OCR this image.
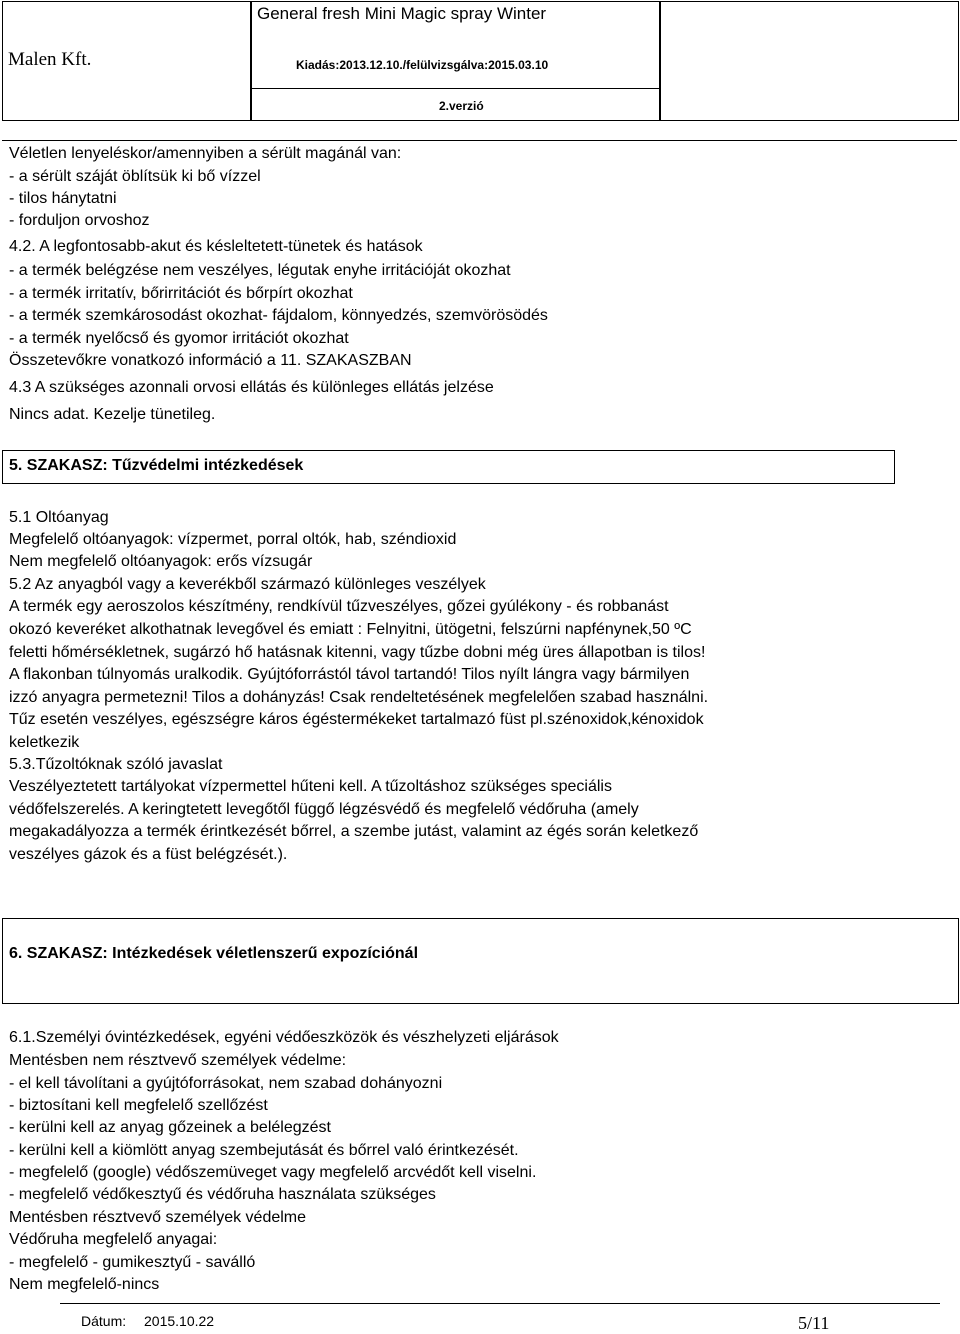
Malen Kft.
General fresh Mini Magic spray Winter
Kiadás:2013.12.10./felülvizsgálva:2015.03.10
2.verzió
Véletlen lenyeléskor/amennyiben a sérült magánál van:
- a sérült száját öblítsük ki bő vízzel
- tilos hánytatni
- forduljon orvoshoz
4.2. A legfontosabb-akut és késleltetett-tünetek és hatások
- a termék belégzése nem veszélyes, légutak enyhe irritációját okozhat
- a termék irritatív, bőrirritációt és bőrpírt okozhat
- a termék szemkárosodást okozhat- fájdalom, könnyedzés, szemvörösödés
- a termék nyelőcső és gyomor irritációt okozhat
Összetevőkre vonatkozó információ a 11. SZAKASZBAN
4.3 A szükséges azonnali orvosi ellátás és különleges ellátás jelzése
Nincs adat. Kezelje tünetileg.
5. SZAKASZ: Tűzvédelmi intézkedések
5.1 Oltóanyag
Megfelelő oltóanyagok: vízpermet, porral oltók, hab, széndioxid
Nem megfelelő oltóanyagok: erős vízsugár
5.2 Az anyagból vagy a keverékből származó különleges veszélyek
A termék egy aeroszolos készítmény, rendkívül tűzveszélyes, gőzei gyúlékony - és robbanást
okozó keveréket alkothatnak levegővel és emiatt : Felnyitni, ütögetni, felszúrni napfénynek,50 ºC
feletti hőmérsékletnek, sugárzó hő hatásnak kitenni, vagy tűzbe dobni még üres állapotban is tilos!
A flakonban túlnyomás uralkodik. Gyújtóforrástól távol tartandó! Tilos nyílt lángra vagy bármilyen
izzó anyagra permetezni! Tilos a dohányzás! Csak rendeltetésének megfelelően szabad használni.
Tűz esetén veszélyes, egészségre káros égéstermékeket tartalmazó füst pl.szénoxidok,kénoxidok
keletkezik
5.3.Tűzoltóknak szóló javaslat
Veszélyeztetett tartályokat vízpermettel hűteni kell. A tűzoltáshoz szükséges speciális
védőfelszerelés. A keringtetett levegőtől függő légzésvédő és megfelelő védőruha (amely
megakadályozza a termék érintkezését bőrrel, a szembe jutást, valamint az égés során keletkező
veszélyes gázok és a füst belégzését.).
6. SZAKASZ: Intézkedések véletlenszerű expozíciónál
6.1.Személyi óvintézkedések, egyéni védőeszközök és vészhelyzeti eljárások
Mentésben nem résztvevő személyek védelme:
- el kell távolítani a gyújtóforrásokat, nem szabad dohányozni
- biztosítani kell megfelelő szellőzést
- kerülni kell az anyag gőzeinek a belélegzést
- kerülni kell a kiömlött anyag szembejutását és bőrrel való érintkezését.
- megfelelő (google) védőszemüveget vagy megfelelő arcvédőt kell viselni.
- megfelelő védőkesztyű és védőruha használata szükséges
Mentésben résztvevő személyek védelme
Védőruha megfelelő anyagai:
- megfelelő - gumikesztyű - saválló
Nem megfelelő-nincs
Dátum: 2015.10.22	5/11
